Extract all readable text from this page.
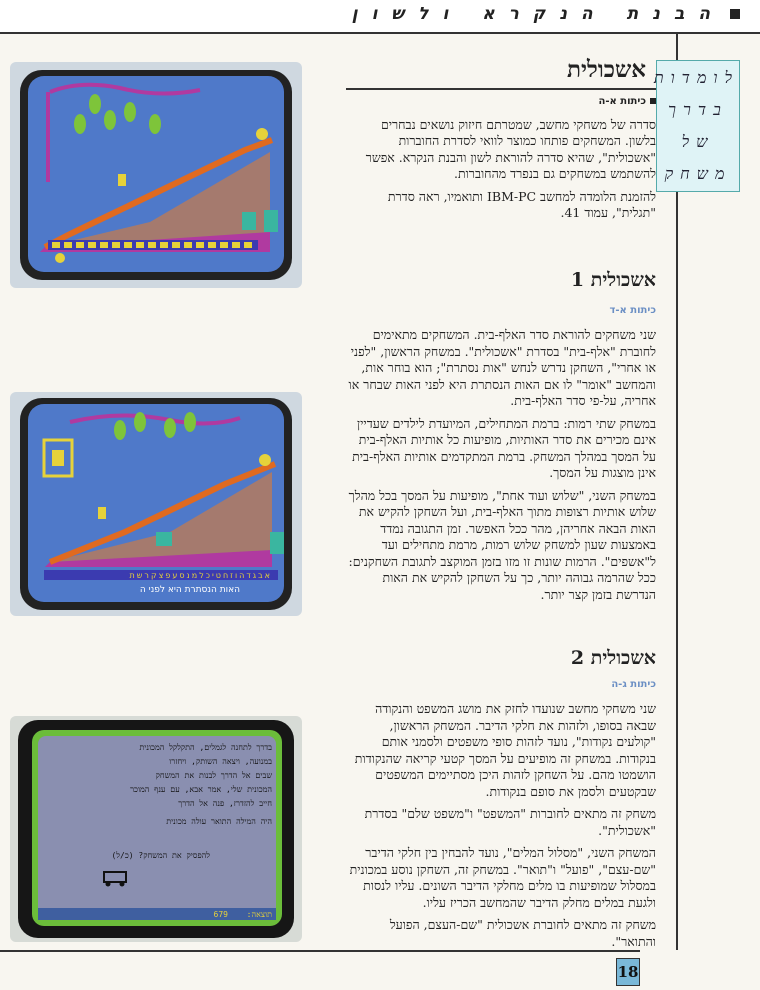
הבנת הנקרא ולשון
לומדות
בדרך
של
משחק
אשכולית
כיתות א-ה

סדרה של משחקי מחשב, שמטרתם חיזוק נושאים נבחרים בלשון. המשחקים פותחו כמוצר לוואי לסדרת החוברות "אשכולית", שהיא סדרה להוראת לשון והבנת הנקרא. אפשר להשתמש במשחקים גם בנפרד מהחוברות.

להזמנת הלומדה למחשב IBM-PC ותואמיו, ראה סדרת "תגלית", עמוד 41.

אשכולית 1
כיתות א-ד

שני משחקים להוראת סדר האלף-בית. המשחקים מתאימים לחוברת "אלף-בית" בסדרת "אשכולית". במשחק הראשון, "לפני או אחרי", השחקן נדרש לנחש "אות נסתרת"; הוא בוחר אות, והמחשב "אומר" לו אם האות הנסתרת היא לפני האות שבחר או אחריה, על-פי סדר האלף-בית.

במשחק שתי רמות: ברמת המתחילים, המיועדת לילדים שעדיין אינם מכירים את סדר האותיות, מופיעות כל אותיות האלף-בית על המסך במהלך המשחק. ברמת המתקדמים אותיות האלף-בית אינן מוצגות על המסך.

במשחק השני, "שלוש ועוד אחת", מופיעות על המסך בכל מהלך שלוש אותיות רצופות מתוך האלף-בית, ועל השחקן להקיש את האות הבאה אחריהן, מהר ככל האפשר. זמן התגובה נמדד באמצעות שעון למשחק שלוש רמות, מרמת מתחילים ועד ל"אשפים". הרמות שונות זו מזו בזמן המוקצב לתגובת השחקנים: ככל שהרמה גבוהה יותר, כך על השחקן להקיש את האות הנדרשת בזמן קצר יותר.

אשכולית 2
כיתות ג-ה

שני משחקי מחשב שנועדו לחזק את מושג המשפט והנקודה שבאה בסופו, ולזהות את חלקי הדיבר. המשחק הראשון, "קולעים נקודות", נועד לזהות סופי משפטים ולסמני אותם בנקודות. במשחק זה מופיעים על המסך קטעי קריאה שהנקודות הושמטו מהם. על השחקן לזהות היכן מסתיימים המשפטים שבקטעים ולסמן את סופם בנקודות.

משחק זה מתאים לחוברות "המשפט" ו"משפט שלם" בסדרת "אשכולית".

המשחק השני, "מסלול המלים", נועד להבחין בין חלקי הדיבר "שם-עצם", "פועל" ו"תואר". במשחק זה, השחקן נוסע במכונית במסלול שמופיעות בו מלים מחלקי הדיבר השונים. עליו לנסות ולגעת במלים מחלק הדיבר שהמחשב הכריז עליו.

משחק זה מתאים לחוברת אשכולית "שם-העצם, הפועל והתואר".

אבגדהוזחטיכלמנסעפצקרשת
האות הנסתרת היא לפני ה
בדרך לתחנה לגמלים, התקלקל המכונית
במנועה, ויצאה השותק, ויחזרו
שבים אל הדרך לבנות את המשחק
המכונית שלי, אמר אבא, עם ענף המוכר
חייב להזדרז, פנה אל הדרך
היה המילה התואר עולה מכונית
להפסיק את המשחק? (כ/ל)
תוצאה:
679
18
